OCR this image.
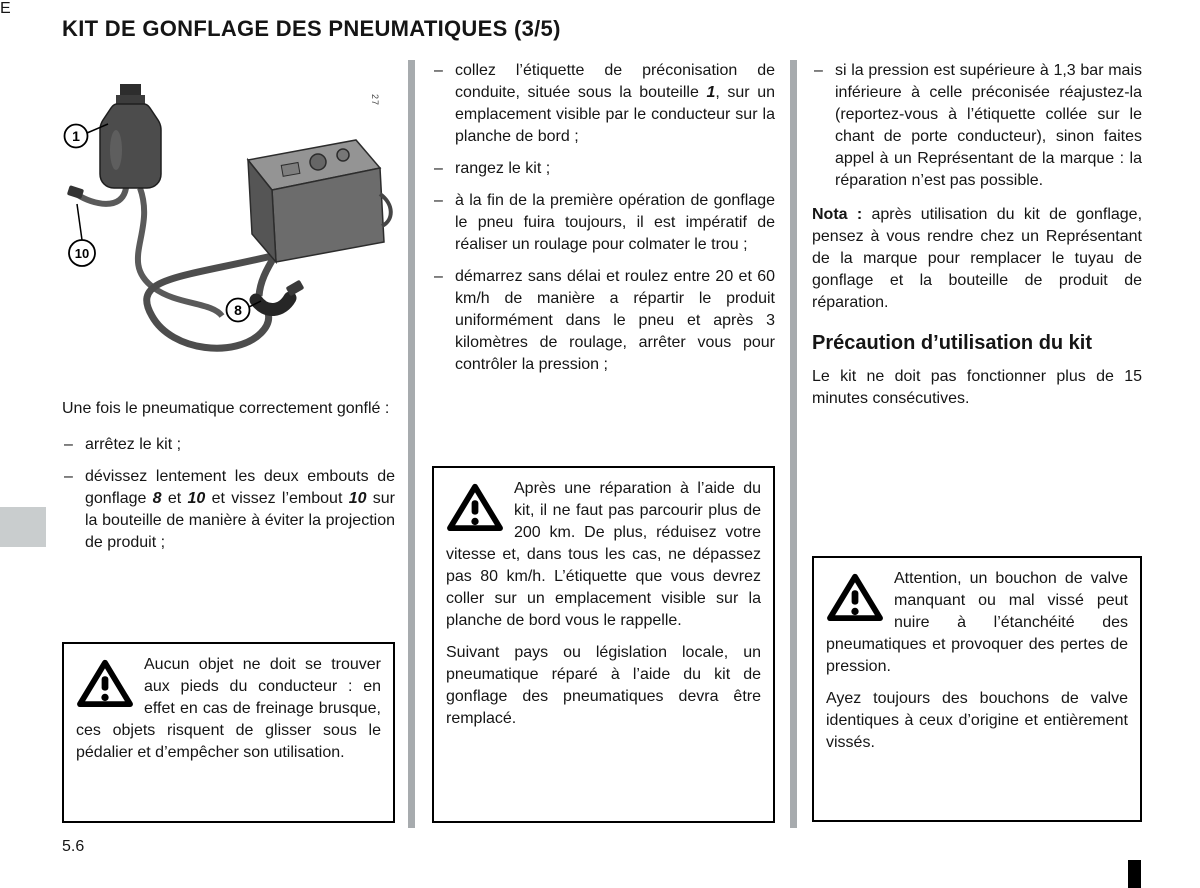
KIT DE GONFLAGE DES PNEUMATIQUES (3/5)
1
10
8
E
27

Une fois le pneumatique correctement gonflé :

– arrêtez le kit ;
– dévissez lentement les deux embouts de gonflage 8 et 10 et vissez l’embout 10 sur la bouteille de manière à éviter la projection de produit ;

Aucun objet ne doit se trouver aux pieds du conducteur : en effet en cas de freinage brusque, ces objets risquent de glisser sous le pédalier et d’empêcher son utilisation.

– collez l’étiquette de préconisation de conduite, située sous la bouteille 1, sur un emplacement visible par le conducteur sur la planche de bord ;
– rangez le kit ;
– à la fin de la première opération de gonflage le pneu fuira toujours, il est impératif de réaliser un roulage pour colmater le trou ;
– démarrez sans délai et roulez entre 20 et 60 km/h de manière a répartir le produit uniformément dans le pneu et après 3 kilomètres de roulage, arrêter vous pour contrôler la pression ;

Après une réparation à l’aide du kit, il ne faut pas parcourir plus de 200 km. De plus, réduisez votre vitesse et, dans tous les cas, ne dépassez pas 80 km/h. L’étiquette que vous devrez coller sur un emplacement visible sur la planche de bord vous le rappelle.

Suivant pays ou législation locale, un pneumatique réparé à l’aide du kit de gonflage des pneumatiques devra être remplacé.

– si la pression est supérieure à 1,3 bar mais inférieure à celle préconisée réajustez-la (reportez-vous à l’étiquette collée sur le chant de porte conducteur), sinon faites appel à un Représentant de la marque : la réparation n’est pas possible.

Nota : après utilisation du kit de gonflage, pensez à vous rendre chez un Représentant de la marque pour remplacer le tuyau de gonflage et la bouteille de produit de réparation.

Précaution d’utilisation du kit

Le kit ne doit pas fonctionner plus de 15 minutes consécutives.

Attention, un bouchon de valve manquant ou mal vissé peut nuire à l’étanchéité des pneumatiques et provoquer des pertes de pression.

Ayez toujours des bouchons de valve identiques à ceux d’origine et entièrement vissés.

5.6
